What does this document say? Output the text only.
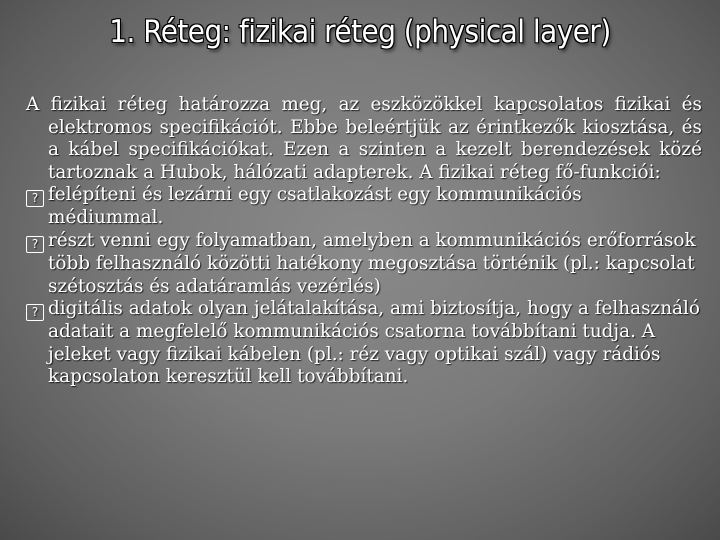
1. Réteg: fizikai réteg (physical layer)

A fizikai réteg határozza meg, az eszközökkel kapcsolatos fizikai és elektromos specifikációt. Ebbe beleértjük az érintkezők kiosztása, és a kábel specifikációkat. Ezen a szinten a kezelt berendezések közé tartoznak a Hubok, hálózati adapterek. A fizikai réteg fő-funkciói:

? felépíteni és lezárni egy csatlakozást egy kommunikációs médiummal.

? részt venni egy folyamatban, amelyben a kommunikációs erőforrások több felhasználó közötti hatékony megosztása történik (pl.: kapcsolat szétosztás és adatáramlás vezérlés)

? digitális adatok olyan jelátalakítása, ami biztosítja, hogy a felhasználó adatait a megfelelő kommunikációs csatorna továbbítani tudja. A jeleket vagy fizikai kábelen (pl.: réz vagy optikai szál) vagy rádiós kapcsolaton keresztül kell továbbítani.
